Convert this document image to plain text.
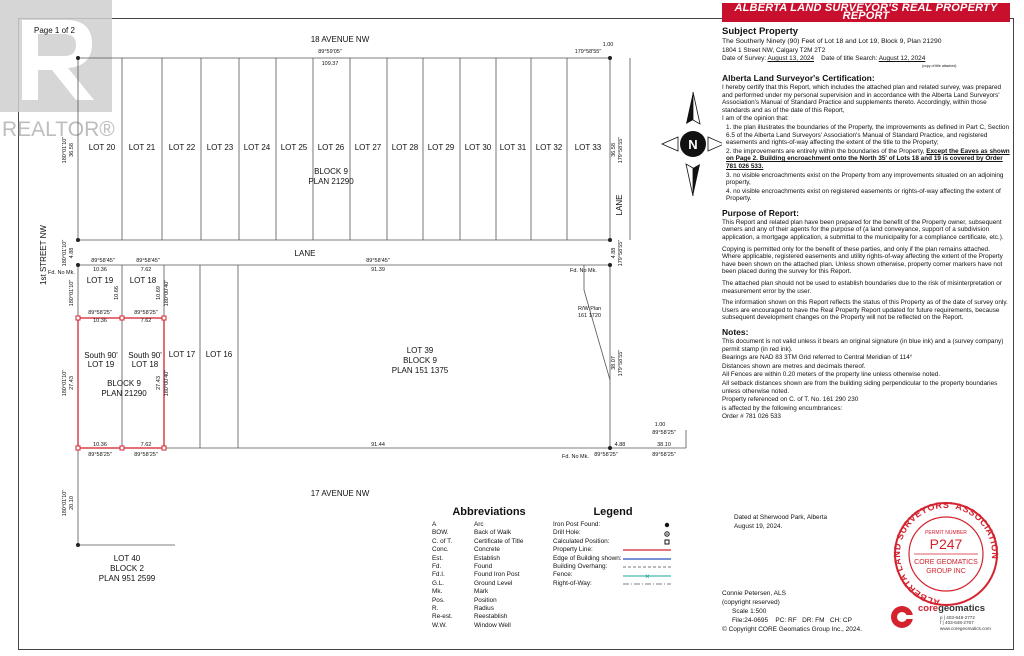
REALTOR®
Page 1 of 2
18 AVENUE NW
17 AVENUE NW
1st STREET NW	LANE
LANE
LOT 20 LOT 21 LOT 22 LOT 23 LOT 24 LOT 25 LOT 26 LOT 27 LOT 28 LOT 29 LOT 30 LOT 31 LOT 32 LOT 33
BLOCK 9
PLAN 21290
LOT 19 LOT 18
South 90'
LOT 19
South 90'
LOT 18
LOT 17 LOT 16
BLOCK 9
PLAN 21290
LOT 39
BLOCK 9
PLAN 151 1375
LOT 40
BLOCK 2
PLAN 951 2599
R/W Plan
161 1720
Fd. No Mk.
Fd. No Mk.
Fd. No Mk.
89°59'05"
109.37
1.00
179°58'55"
36.58
180°01'10"	36.58 179°58'55"
89°58'45"	89°58'45"	89°58'45"
10.36	7.62	91.39
4.88	4.88 179°58'55"
180°01'10"
10.66	10.69 180°00'40"
180°01'10"
89°58'25"	89°58'25"
10.36	7.62
27.43	27.43
180°01'10"	180°00'40"
38.07 179°58'55"
10.36	7.62	91.44	4.88	38.10
89°58'25"	89°58'25"	89°58'25"	89°58'25"
1.00
89°58'25"
20.10
180°01'10"
N
Abbreviations
A	Arc
BOW.	Back of Walk
C. of T.	Certificate of Title
Conc.	Concrete
Est.	Establish
Fd.	Found
Fd.I.	Found Iron Post
G.L.	Ground Level
Mk.	Mark
Pos.	Position
R.	Radius
Re-est.	Reestablish
W.W.	Window Well
Legend
Iron Post Found:
Drill Hole:
Calculated Position:
Property Line:
Edge of Building shown:
Building Overhang:
Fence:	×
Right-of-Way:
ALBERTA LAND SURVEYOR'S REAL PROPERTY REPORT
Subject Property
The Southerly Ninety (90) Feet of Lot 18 and Lot 19, Block 9, Plan 21290
1804 1 Street NW, Calgary T2M 2T2
Date of Survey: August 13, 2024 Date of title Search: August 12, 2024
(copy of title attached)
Alberta Land Surveyor's Certification:
I hereby certify that this Report, which includes the attached plan and related survey, was prepared and performed under my personal supervision and in accordance with the Alberta Land Surveyors' Association's Manual of Standard Practice and supplements thereto. Accordingly, within those standards and as of the date of this Report,
I am of the opinion that:
1. the plan illustrates the boundaries of the Property, the improvements as defined in Part C, Section 6.5 of the Alberta Land Surveyors' Association's Manual of Standard Practice, and registered easements and rights-of-way affecting the extent of the title to the Property;
2. the improvements are entirely within the boundaries of the Property, Except the Eaves as shown on Page 2. Building encroachment onto the North 35' of Lots 18 and 19 is covered by Order 781 026 533.
3. no visible encroachments exist on the Property from any improvements situated on an adjoining property,
4. no visible encroachments exist on registered easements or rights-of-way affecting the extent of Property.
Purpose of Report:
This Report and related plan have been prepared for the benefit of the Property owner, subsequent owners and any of their agents for the purpose of (a land conveyance, support of a subdivision application, a mortgage application, a submittal to the municipality for a compliance certificate, etc.).
Copying is permitted only for the benefit of these parties, and only if the plan remains attached. Where applicable, registered easements and utility rights-of-way affecting the extent of the Property have been shown on the attached plan. Unless shown otherwise, property corner markers have not been placed during the survey for this Report.
The attached plan should not be used to establish boundaries due to the risk of misinterpretation or measurement error by the user.
The information shown on this Report reflects the status of this Property as of the date of survey only. Users are encouraged to have the Real Property Report updated for future requirements, because subsequent development changes on the Property will not be reflected on the Report.
Notes:
This document is not valid unless it bears an original signature (in blue ink) and a (survey company) permit stamp (in red ink).
Bearings are NAD 83 3TM Grid referred to Central Meridian of 114°
Distances shown are metres and decimals thereof.
All Fences are within 0.20 meters of the property line unless otherwise noted.
All setback distances shown are from the building siding perpendicular to the property boundaries unless otherwise noted.
Property referenced on C. of T. No. 161 290 230
is affected by the following encumbrances:
Order # 781 026 533
Dated at Sherwood Park, Alberta
August 19, 2024.
ALBERTA LAND SURVEYORS' ASSOCIATION
PERMIT NUMBER
P247
CORE GEOMATICS
GROUP INC
Connie Petersen, ALS
(copyright reserved)
Scale 1:500
File:24-0695 PC: RF DR: FM CH: CP
© Copyright CORE Geomatics Group Inc., 2024.
coregeomatics
p | 403-648-2772
f | 403-648-2767
www.coregeomatics.com
